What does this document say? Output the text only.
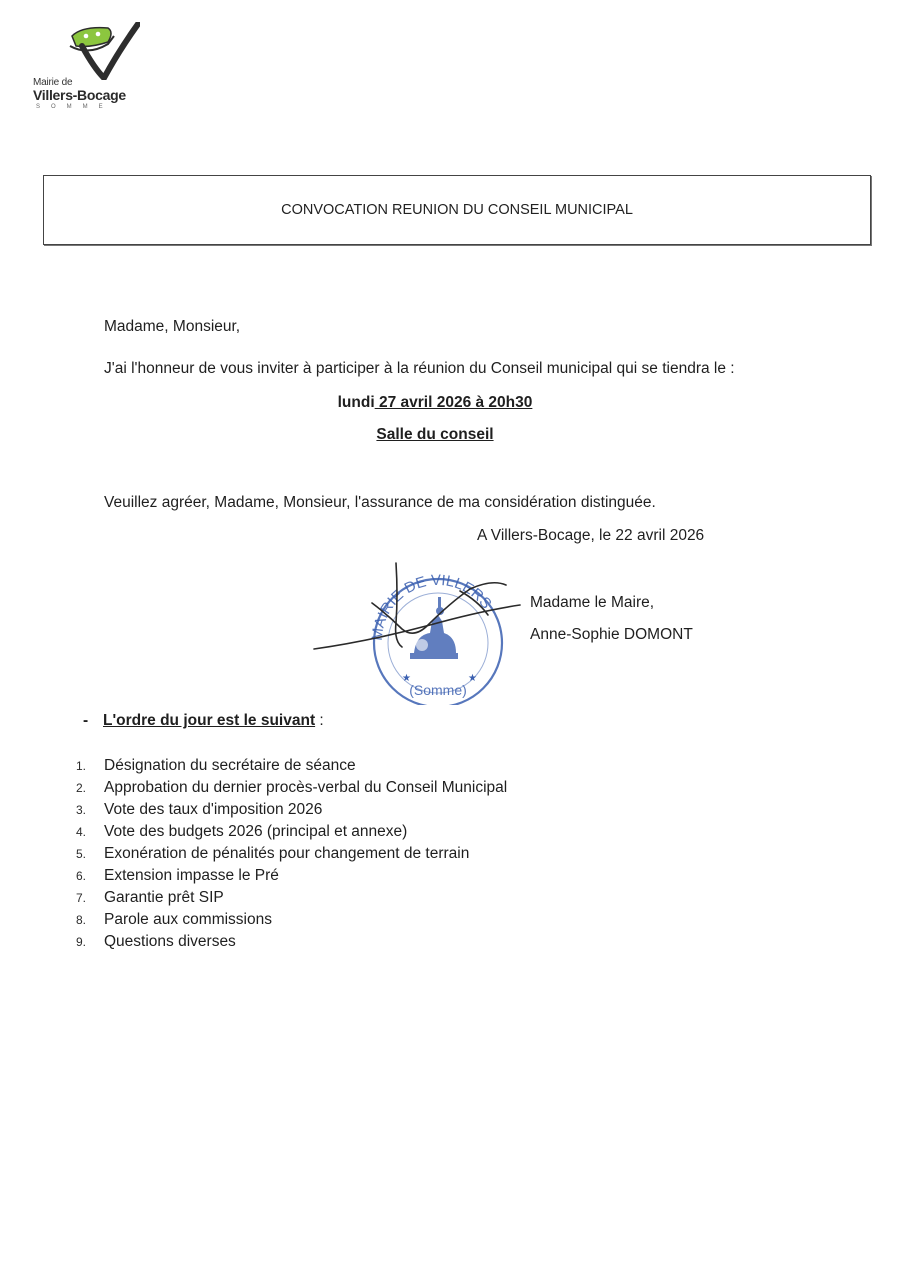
Mairie de
Villers-Bocage
SOMME
CONVOCATION REUNION DU CONSEIL MUNICIPAL
Madame, Monsieur,
J'ai l'honneur de vous inviter à participer à la réunion du Conseil municipal qui se tiendra le :
lundi 27 avril 2026 à 20h30
Salle du conseil
Veuillez agréer, Madame, Monsieur, l'assurance de ma considération distinguée.
A Villers-Bocage, le 22 avril 2026
MAIRIE DE VILLERS
(Somme)
★	★
Madame le Maire,
Anne-Sophie DOMONT
- L'ordre du jour est le suivant :
1. Désignation du secrétaire de séance
2. Approbation du dernier procès-verbal du Conseil Municipal
3. Vote des taux d'imposition 2026
4. Vote des budgets 2026 (principal et annexe)
5. Exonération de pénalités pour changement de terrain
6. Extension impasse le Pré
7. Garantie prêt SIP
8. Parole aux commissions
9. Questions diverses
